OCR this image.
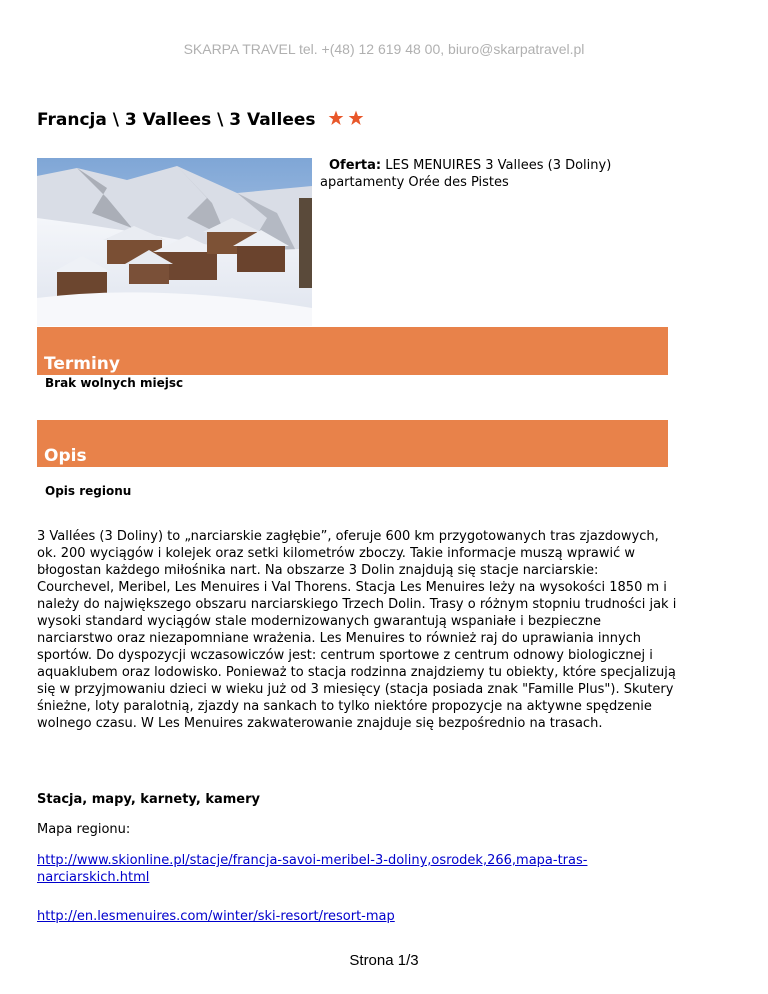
SKARPA TRAVEL tel. +(48) 12 619 48 00, biuro@skarpatravel.pl
Francja \ 3 Vallees \ 3 Vallees
Oferta: LES MENUIRES 3 Vallees (3 Doliny)
apartamenty Orée des Pistes
Terminy
Brak wolnych miejsc
Opis
Opis regionu
3 Vallées (3 Doliny) to „narciarskie zagłębie”, oferuje 600 km przygotowanych tras zjazdowych, ok. 200 wyciągów i kolejek oraz setki kilometrów zboczy. Takie informacje muszą wprawić w błogostan każdego miłośnika nart. Na obszarze 3 Dolin znajdują się stacje narciarskie: Courchevel, Meribel, Les Menuires i Val Thorens. Stacja Les Menuires leży na wysokości 1850 m i należy do największego obszaru narciarskiego Trzech Dolin. Trasy o różnym stopniu trudności jak i wysoki standard wyciągów stale modernizowanych gwarantują wspaniałe i bezpieczne narciarstwo oraz niezapomniane wrażenia. Les Menuires to również raj do uprawiania innych sportów. Do dyspozycji wczasowiczów jest: centrum sportowe z centrum odnowy biologicznej i aquaklubem oraz lodowisko. Ponieważ to stacja rodzinna znajdziemy tu obiekty, które specjalizują się w przyjmowaniu dzieci w wieku już od 3 miesięcy (stacja posiada znak "Famille Plus"). Skutery śnieżne, loty paralotnią, zjazdy na sankach to tylko niektóre propozycje na aktywne spędzenie wolnego czasu. W Les Menuires zakwaterowanie znajduje się bezpośrednio na trasach.
Stacja, mapy, karnety, kamery
Mapa regionu:
http://www.skionline.pl/stacje/francja-savoi-meribel-3-doliny,osrodek,266,mapa-tras-narciarskich.html
http://en.lesmenuires.com/winter/ski-resort/resort-map
Strona 1/3
